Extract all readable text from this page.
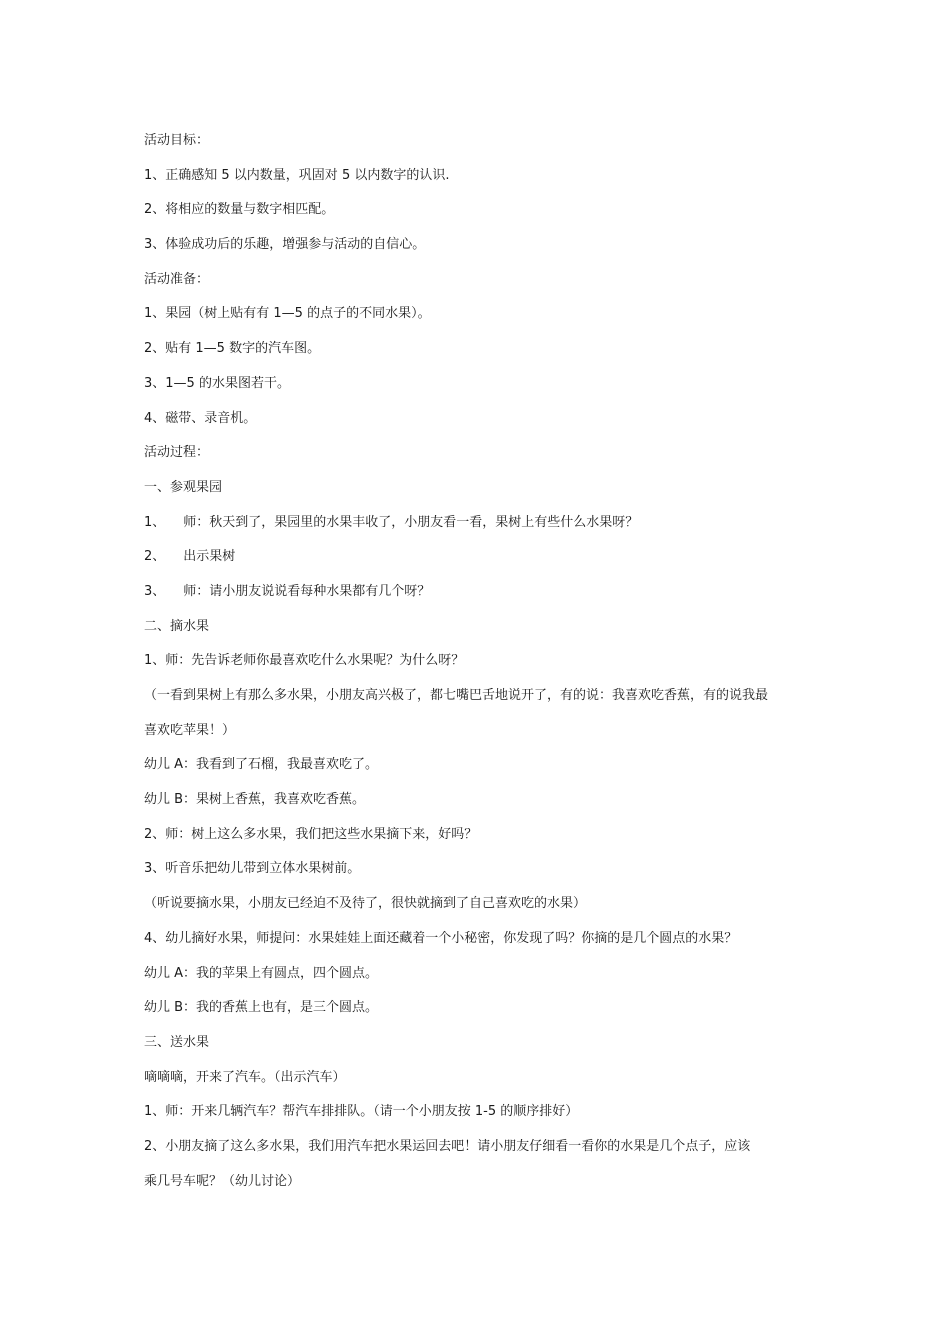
活动目标：
1、正确感知 5 以内数量，巩固对 5 以内数字的认识.
2、将相应的数量与数字相匹配。
3、体验成功后的乐趣，增强参与活动的自信心。
活动准备：
1、果园（树上贴有有 1—5 的点子的不同水果）。
2、贴有 1—5 数字的汽车图。
3、1—5 的水果图若干。
4、磁带、录音机。
活动过程：
一、参观果园
1、 师：秋天到了，果园里的水果丰收了，小朋友看一看，果树上有些什么水果呀？
2、 出示果树
3、 师：请小朋友说说看每种水果都有几个呀？
二、摘水果
1、师：先告诉老师你最喜欢吃什么水果呢？为什么呀？
（一看到果树上有那么多水果，小朋友高兴极了，都七嘴巴舌地说开了，有的说：我喜欢吃香蕉，有的说我最
喜欢吃苹果！）
幼儿 A：我看到了石榴，我最喜欢吃了。
幼儿 B：果树上香蕉，我喜欢吃香蕉。
2、师：树上这么多水果，我们把这些水果摘下来，好吗？
3、听音乐把幼儿带到立体水果树前。
（听说要摘水果，小朋友已经迫不及待了，很快就摘到了自己喜欢吃的水果）
4、幼儿摘好水果，师提问：水果娃娃上面还藏着一个小秘密，你发现了吗？你摘的是几个圆点的水果？
幼儿 A：我的苹果上有圆点，四个圆点。
幼儿 B：我的香蕉上也有，是三个圆点。
三、送水果
嘀嘀嘀，开来了汽车。（出示汽车）
1、师：开来几辆汽车？帮汽车排排队。（请一个小朋友按 1-5 的顺序排好）
2、小朋友摘了这么多水果，我们用汽车把水果运回去吧！请小朋友仔细看一看你的水果是几个点子，应该
乘几号车呢？（幼儿讨论）
